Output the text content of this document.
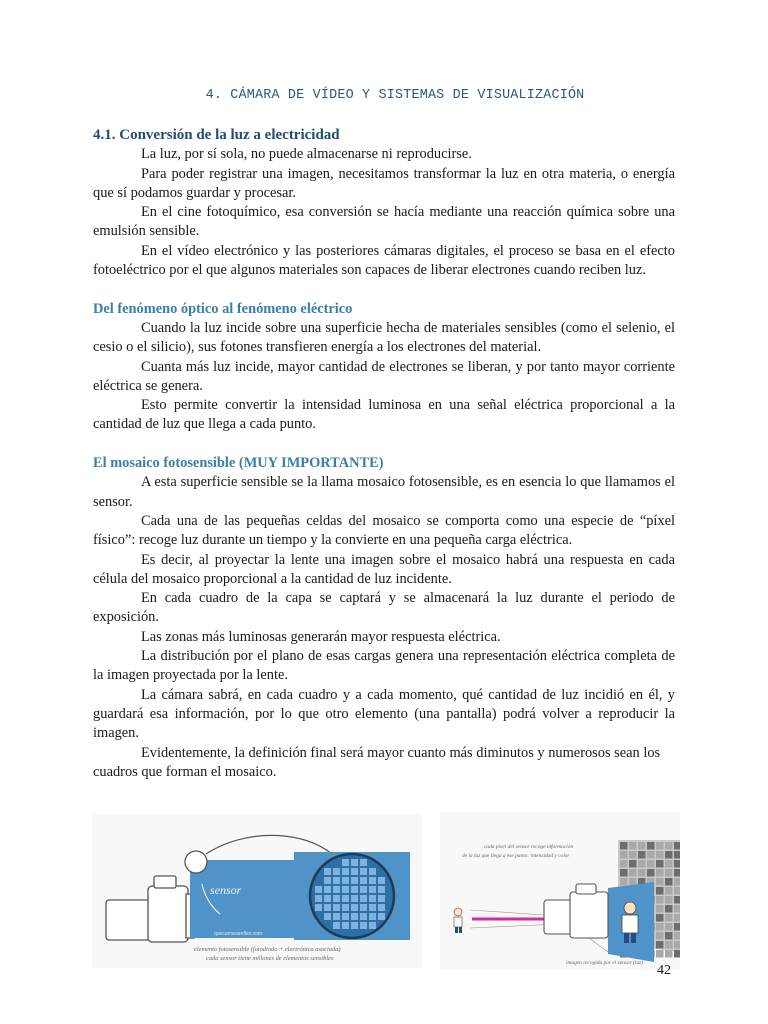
4. CÁMARA DE VÍDEO Y SISTEMAS DE VISUALIZACIÓN
4.1. Conversión de la luz a electricidad
La luz, por sí sola, no puede almacenarse ni reproducirse.
Para poder registrar una imagen, necesitamos transformar la luz en otra materia, o energía que sí podamos guardar y procesar.
En el cine fotoquímico, esa conversión se hacía mediante una reacción química sobre una emulsión sensible.
En el vídeo electrónico y las posteriores cámaras digitales, el proceso se basa en el efecto fotoeléctrico por el que algunos materiales son capaces de liberar electrones cuando reciben luz.
Del fenómeno óptico al fenómeno eléctrico
Cuando la luz incide sobre una superficie hecha de materiales sensibles (como el selenio, el cesio o el silicio), sus fotones transfieren energía a los electrones del material.
Cuanta más luz incide, mayor cantidad de electrones se liberan, y por tanto mayor corriente eléctrica se genera.
Esto permite convertir la intensidad luminosa en una señal eléctrica proporcional a la cantidad de luz que llega a cada punto.
El mosaico fotosensible (MUY IMPORTANTE)
A esta superficie sensible se la llama mosaico fotosensible, es en esencia lo que llamamos el sensor.
Cada una de las pequeñas celdas del mosaico se comporta como una especie de “píxel físico”: recoge luz durante un tiempo y la convierte en una pequeña carga eléctrica.
Es decir, al proyectar la lente una imagen sobre el mosaico habrá una respuesta en cada célula del mosaico proporcional a la cantidad de luz incidente.
En cada cuadro de la capa se captará y se almacenará la luz durante el periodo de exposición.
Las zonas más luminosas generarán mayor respuesta eléctrica.
La distribución por el plano de esas cargas genera una representación eléctrica completa de la imagen proyectada por la lente.
La cámara sabrá, en cada cuadro y a cada momento, qué cantidad de luz incidió en él, y guardará esa información, por lo que otro elemento (una pantalla) podrá volver a reproducir la imagen.
Evidentemente, la definición final será mayor cuanto más diminutos y numerosos sean los cuadros que forman el mosaico.
sensor
quecamarareflex.com
elemento fotosensible (fotodiodo + electrónica asociada)
cada sensor tiene millones de elementos sensibles
cada píxel del sensor recoge información
de la luz que llega a ese punto: intensidad y color
imagen recogida por el sensor (luz) 42
